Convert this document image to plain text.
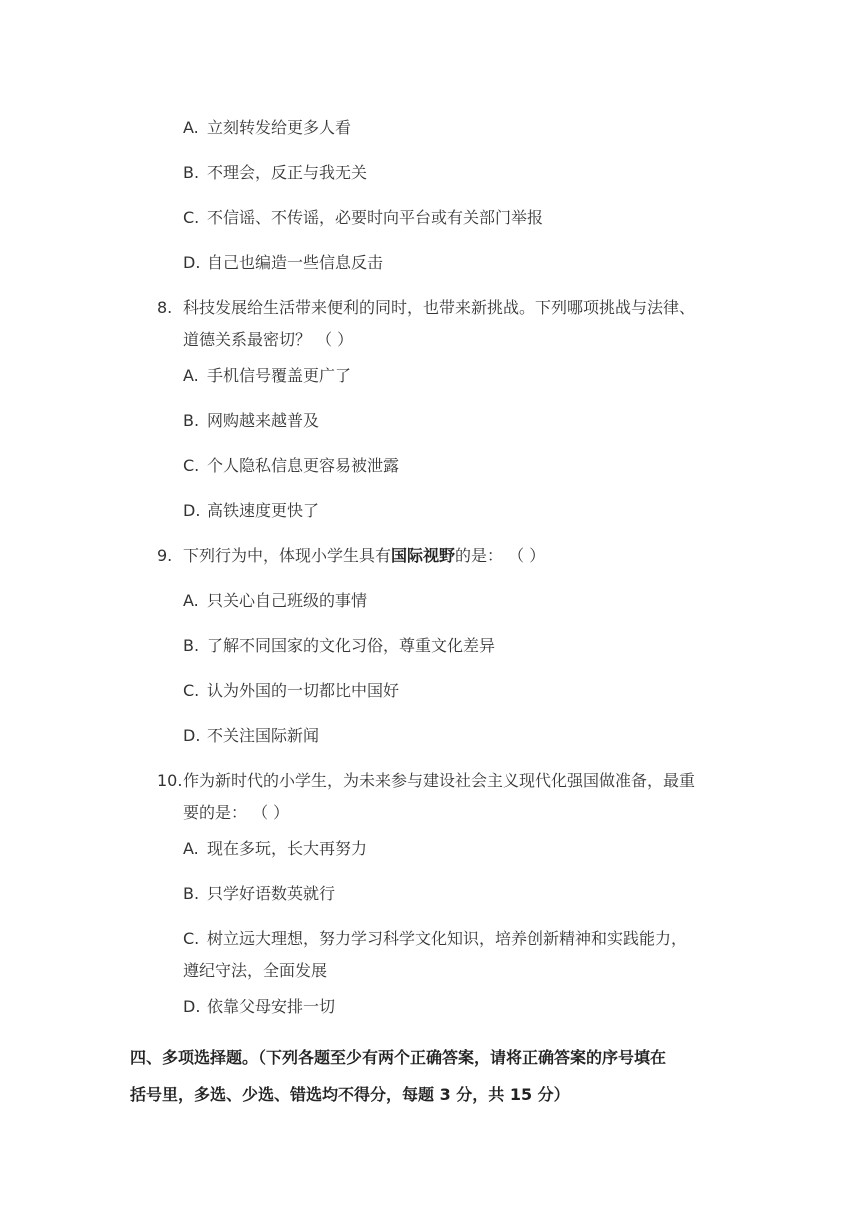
A. 立刻转发给更多人看
B. 不理会，反正与我无关
C. 不信谣、不传谣，必要时向平台或有关部门举报
D. 自己也编造一些信息反击
8. 科技发展给生活带来便利的同时，也带来新挑战。下列哪项挑战与法律、
道德关系最密切？ （ ）
A. 手机信号覆盖更广了
B. 网购越来越普及
C. 个人隐私信息更容易被泄露
D. 高铁速度更快了
9. 下列行为中，体现小学生具有国际视野的是： （ ）
A. 只关心自己班级的事情
B. 了解不同国家的文化习俗，尊重文化差异
C. 认为外国的一切都比中国好
D. 不关注国际新闻
10. 作为新时代的小学生，为未来参与建设社会主义现代化强国做准备，最重
要的是： （ ）
A. 现在多玩，长大再努力
B. 只学好语数英就行
C. 树立远大理想，努力学习科学文化知识，培养创新精神和实践能力，
遵纪守法，全面发展
D. 依靠父母安排一切
四、多项选择题。（下列各题至少有两个正确答案，请将正确答案的序号填在
括号里，多选、少选、错选均不得分，每题 3 分，共 15 分）
